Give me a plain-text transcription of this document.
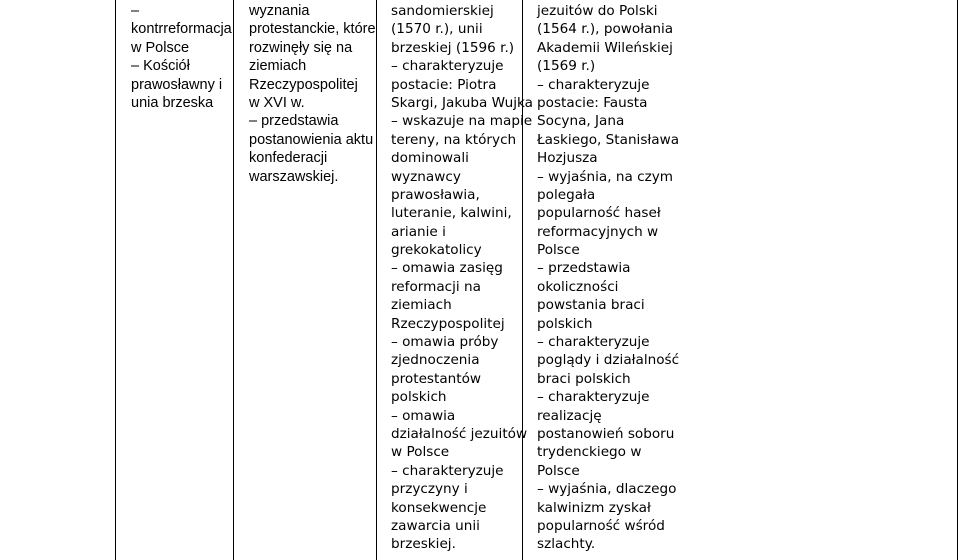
–
kontrreformacja
w Polsce
– Kościół
prawosławny i
unia brzeska
wyznania
protestanckie, które
rozwinęły się na
ziemiach
Rzeczypospolitej
w XVI w.
– przedstawia
postanowienia aktu
konfederacji
warszawskiej.
sandomierskiej
(1570 r.), unii
brzeskiej (1596 r.)
– charakteryzuje
postacie: Piotra
Skargi, Jakuba Wujka
– wskazuje na mapie
tereny, na których
dominowali
wyznawcy
prawosławia,
luteranie, kalwini,
arianie i
grekokatolicy
– omawia zasięg
reformacji na
ziemiach
Rzeczypospolitej
– omawia próby
zjednoczenia
protestantów
polskich
– omawia
działalność jezuitów
w Polsce
– charakteryzuje
przyczyny i
konsekwencje
zawarcia unii
brzeskiej.
jezuitów do Polski
(1564 r.), powołania
Akademii Wileńskiej
(1569 r.)
– charakteryzuje
postacie: Fausta
Socyna, Jana
Łaskiego, Stanisława
Hozjusza
– wyjaśnia, na czym
polegała
popularność haseł
reformacyjnych w
Polsce
– przedstawia
okoliczności
powstania braci
polskich
– charakteryzuje
poglądy i działalność
braci polskich
– charakteryzuje
realizację
postanowień soboru
trydenckiego w
Polsce
– wyjaśnia, dlaczego
kalwinizm zyskał
popularność wśród
szlachty.
